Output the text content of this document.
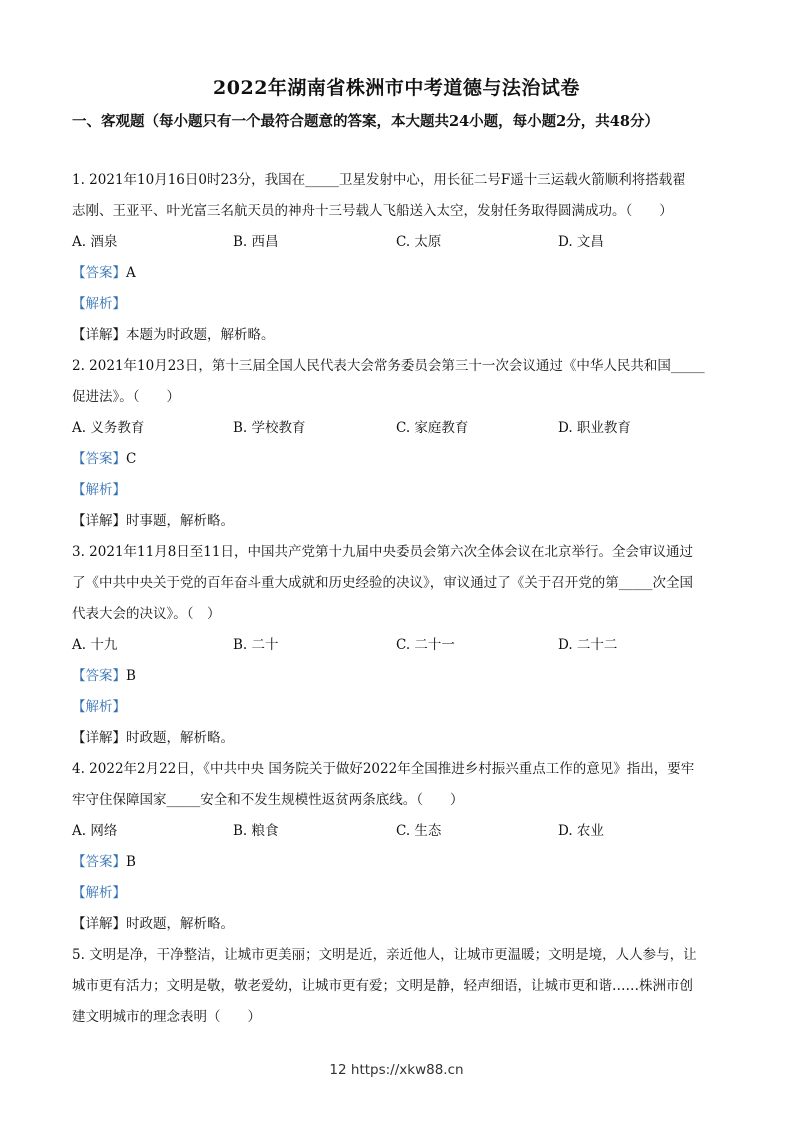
2022年湖南省株洲市中考道德与法治试卷
一、客观题（每小题只有一个最符合题意的答案，本大题共24小题，每小题2分，共48分）
1. 2021年10月16日0时23分，我国在_____卫星发射中心，用长征二号F遥十三运载火箭顺利将搭载翟
志刚、王亚平、叶光富三名航天员的神舟十三号载人飞船送入太空，发射任务取得圆满成功。（　　）
A. 酒泉	B. 西昌	C. 太原	D. 文昌
【答案】A
【解析】
【详解】本题为时政题，解析略。
2. 2021年10月23日，第十三届全国人民代表大会常务委员会第三十一次会议通过《中华人民共和国_____
促进法》。（　　）
A. 义务教育	B. 学校教育	C. 家庭教育	D. 职业教育
【答案】C
【解析】
【详解】时事题，解析略。
3. 2021年11月8日至11日，中国共产党第十九届中央委员会第六次全体会议在北京举行。全会审议通过
了《中共中央关于党的百年奋斗重大成就和历史经验的决议》，审议通过了《关于召开党的第_____次全国
代表大会的决议》。（　）
A. 十九	B. 二十	C. 二十一	D. 二十二
【答案】B
【解析】
【详解】时政题，解析略。
4. 2022年2月22日，《中共中央 国务院关于做好2022年全国推进乡村振兴重点工作的意见》指出，要牢
牢守住保障国家_____安全和不发生规模性返贫两条底线。（　　）
A. 网络	B. 粮食	C. 生态	D. 农业
【答案】B
【解析】
【详解】时政题，解析略。
5. 文明是净，干净整洁，让城市更美丽；文明是近，亲近他人，让城市更温暖；文明是境，人人参与，让
城市更有活力；文明是敬，敬老爱幼，让城市更有爱；文明是静，轻声细语，让城市更和谐……株洲市创
建文明城市的理念表明（　　）
12 https://xkw88.cn
